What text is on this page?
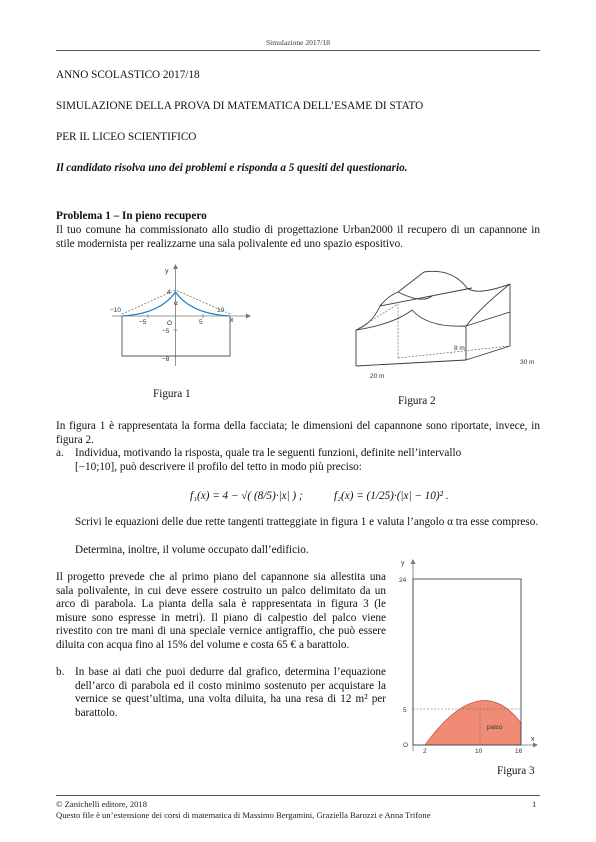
Simulazione 2017/18
ANNO SCOLASTICO 2017/18
SIMULAZIONE DELLA PROVA DI MATEMATICA DELL’ESAME DI STATO
PER IL LICEO SCIENTIFICO
Il candidato risolva uno dei problemi e risponda a 5 quesiti del questionario.
Problema 1 – In pieno recupero
Il tuo comune ha commissionato allo studio di progettazione Urban2000 il recupero di un capannone in stile modernista per realizzarne una sala polivalente ed uno spazio espositivo.
y
x
−10	10
−5	5
4
α
O
−5
−8
Figura 1
8 m
30 m
20 m
Figura 2
In figura 1 è rappresentata la forma della facciata; le dimensioni del capannone sono riportate, invece, in figura 2.
a. Individua, motivando la risposta, quale tra le seguenti funzioni, definite nell’intervallo
[−10;10], può descrivere il profilo del tetto in modo più preciso:
f₁(x) = 4 − √( (8/5)·|x| ) ;	f₂(x) = (1/25)·(|x| − 10)² .
Scrivi le equazioni delle due rette tangenti tratteggiate in figura 1 e valuta l’angolo α tra esse compreso.
Determina, inoltre, il volume occupato dall’edificio.
Il progetto prevede che al primo piano del capannone sia allestita una sala polivalente, in cui deve essere costruito un palco delimitato da un arco di parabola. La pianta della sala è rappresentata in figura 3 (le misure sono espresse in metri). Il piano di calpestio del palco viene rivestito con tre mani di una speciale vernice antigraffio, che può essere diluita con acqua fino al 15% del volume e costa 65 € a barattolo.
b. In base ai dati che puoi dedurre dal grafico, determina l’equazione dell’arco di parabola ed il costo minimo sostenuto per acquistare la vernice se quest’ultima, una volta diluita, ha una resa di 12 m² per barattolo.
y
x
24
5
O
2	10	16
palco
Figura 3
© Zanichelli editore, 2018	1
Questo file è un’estensione dei corsi di matematica di Massimo Bergamini, Graziella Barozzi e Anna Trifone
